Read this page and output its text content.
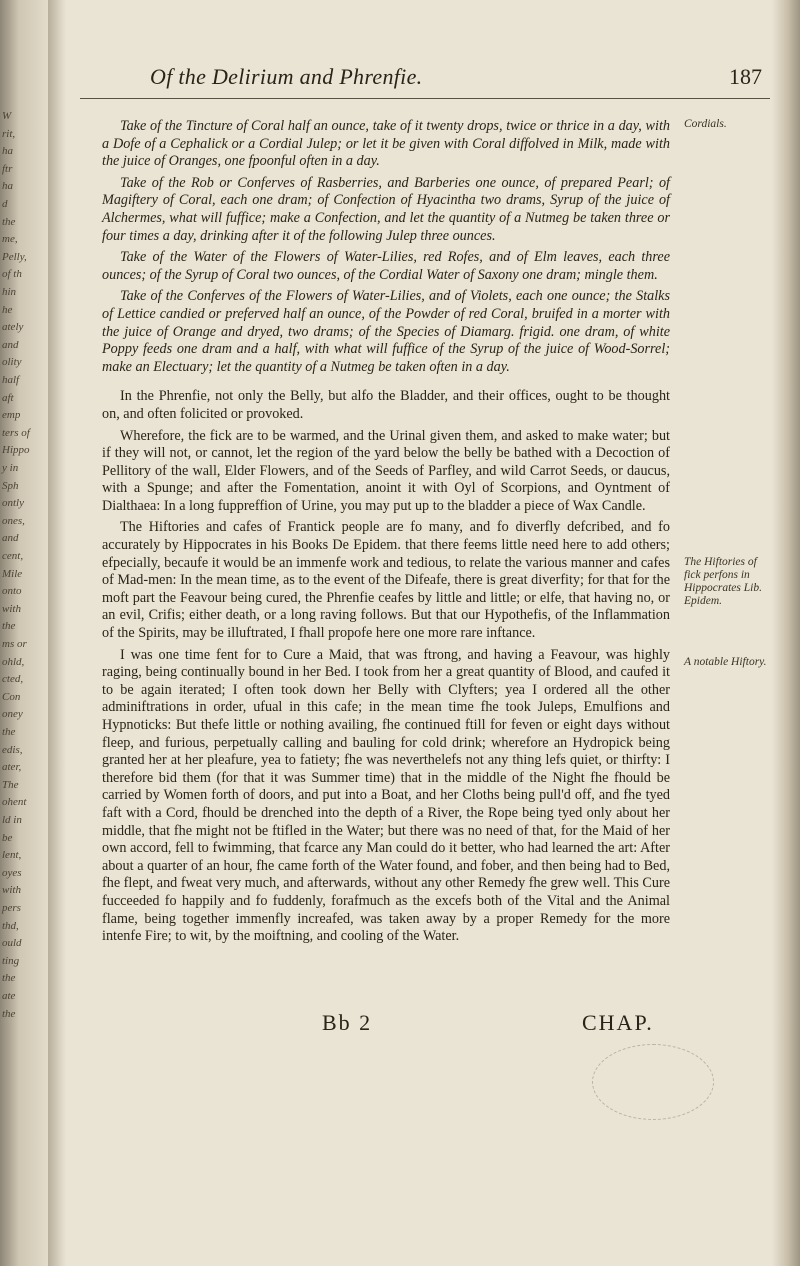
W
rit,
ha
ftr
ha
d
the
me,
Pelly,
of th
hin
he
ately
and
olity
half
aft
emp
ters of
Hippo
y in
Sph
ontly
ones,
and
cent,
Mile
onto
with
the
ms or
ohld,
cted,
Con
oney
the
edis,
ater,
The
ohent
ld in
be
lent,
oyes
with
pers
thd,
ould
ting
the
ate
the
Of the Delirium and Phrenfie.	187

Take of the Tincture of Coral half an ounce, take of it twenty drops, twice or thrice in a day, with a Dofe of a Cephalick or a Cordial Julep; or let it be given with Coral diffolved in Milk, made with the juice of Oranges, one fpoonful often in a day.

Take of the Rob or Conferves of Rasberries, and Barberies one ounce, of prepared Pearl; of Magiftery of Coral, each one dram; of Confection of Hyacintha two drams, Syrup of the juice of Alchermes, what will fuffice; make a Confection, and let the quantity of a Nutmeg be taken three or four times a day, drinking after it of the following Julep three ounces.

Take of the Water of the Flowers of Water-Lilies, red Rofes, and of Elm leaves, each three ounces; of the Syrup of Coral two ounces, of the Cordial Water of Saxony one dram; mingle them.

Take of the Conferves of the Flowers of Water-Lilies, and of Violets, each one ounce; the Stalks of Lettice candied or preferved half an ounce, of the Powder of red Coral, bruifed in a morter with the juice of Orange and dryed, two drams; of the Species of Diamarg. frigid. one dram, of white Poppy feeds one dram and a half, with what will fuffice of the Syrup of the juice of Wood-Sorrel; make an Electuary; let the quantity of a Nutmeg be taken often in a day.

In the Phrenfie, not only the Belly, but alfo the Bladder, and their offices, ought to be thought on, and often folicited or provoked.

Wherefore, the fick are to be warmed, and the Urinal given them, and asked to make water; but if they will not, or cannot, let the region of the yard below the belly be bathed with a Decoction of Pellitory of the wall, Elder Flowers, and of the Seeds of Parfley, and wild Carrot Seeds, or daucus, with a Spunge; and after the Fomentation, anoint it with Oyl of Scorpions, and Oyntment of Dialthaea: In a long fuppreffion of Urine, you may put up to the bladder a piece of Wax Candle.

The Hiftories and cafes of Frantick people are fo many, and fo diverfly defcribed, and fo accurately by Hippocrates in his Books De Epidem. that there feems little need here to add others; efpecially, becaufe it would be an immenfe work and tedious, to relate the various manner and cafes of Mad-men: In the mean time, as to the event of the Difeafe, there is great diverfity; for that for the moft part the Feavour being cured, the Phrenfie ceafes by little and little; or elfe, that having no, or an evil, Crifis; either death, or a long raving follows. But that our Hypothefis, of the Inflammation of the Spirits, may be illuftrated, I fhall propofe here one more rare inftance.

I was one time fent for to Cure a Maid, that was ftrong, and having a Feavour, was highly raging, being continually bound in her Bed. I took from her a great quantity of Blood, and caufed it to be again iterated; I often took down her Belly with Clyfters; yea I ordered all the other adminiftrations in order, ufual in this cafe; in the mean time fhe took Juleps, Emulfions and Hypnoticks: But thefe little or nothing availing, fhe continued ftill for feven or eight days without fleep, and furious, perpetually calling and bauling for cold drink; wherefore an Hydropick being granted her at her pleafure, yea to fatiety; fhe was neverthelefs not any thing lefs quiet, or thirfty: I therefore bid them (for that it was Summer time) that in the middle of the Night fhe fhould be carried by Women forth of doors, and put into a Boat, and her Cloths being pull'd off, and fhe tyed faft with a Cord, fhould be drenched into the depth of a River, the Rope being tyed only about her middle, that fhe might not be ftifled in the Water; but there was no need of that, for the Maid of her own accord, fell to fwimming, that fcarce any Man could do it better, who had learned the art: After about a quarter of an hour, fhe came forth of the Water found, and fober, and then being had to Bed, fhe flept, and fweat very much, and afterwards, without any other Remedy fhe grew well. This Cure fucceeded fo happily and fo fuddenly, forafmuch as the excefs both of the Vital and the Animal flame, being together immenfly increafed, was taken away by a proper Remedy for the more intenfe Fire; to wit, by the moiftning, and cooling of the Water.

Cordials.
The Hiftories of fick perfons in Hippocrates Lib. Epidem.
A notable Hiftory.
Bb 2	CHAP.
